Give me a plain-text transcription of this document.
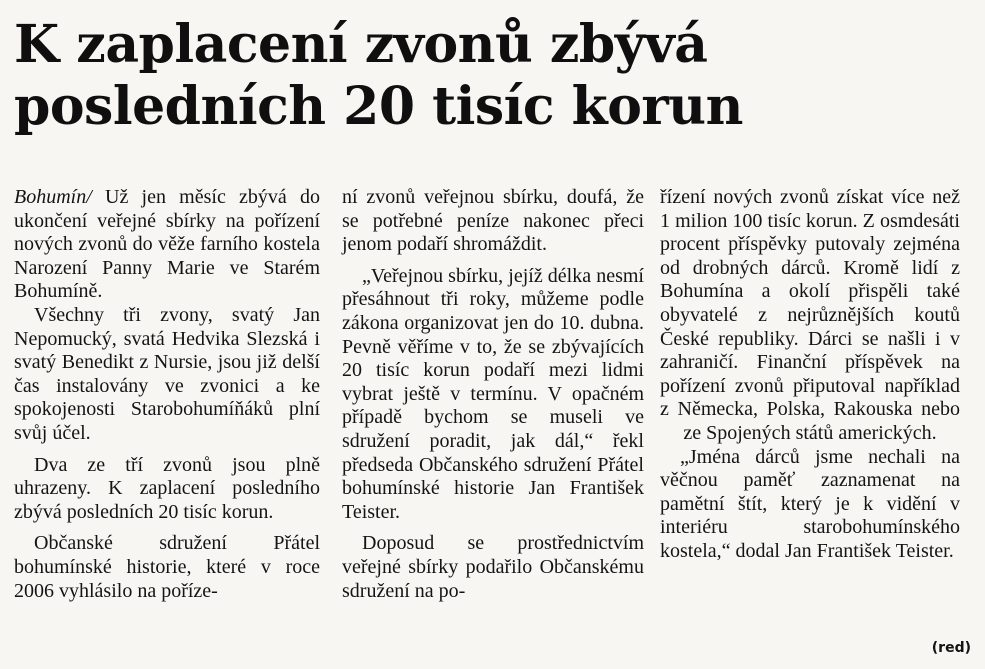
K zaplacení zvonů zbývá
posledních 20 tisíc korun

Bohumín/ Už jen měsíc zbývá do ukončení veřejné sbírky na pořízení nových zvonů do věže farního kostela Narození Panny Marie ve Starém Bohumíně.

Všechny tři zvony, svatý Jan Nepomucký, svatá Hedvika Slezská i svatý Benedikt z Nursie, jsou již delší čas instalovány ve zvonici a ke spokojenosti Starobohumíňáků plní svůj účel.

Dva ze tří zvonů jsou plně uhrazeny. K zaplacení posledního zbývá posledních 20 tisíc korun.

Občanské sdružení Přátel bohumínské historie, které v roce 2006 vyhlásilo na poříze-

ní zvonů veřejnou sbírku, doufá, že se potřebné peníze nakonec přeci jenom podaří shromáždit.

„Veřejnou sbírku, jejíž délka nesmí přesáhnout tři roky, můžeme podle zákona organizovat jen do 10. dubna. Pevně věříme v to, že se zbývajících 20 tisíc korun podaří mezi lidmi vybrat ještě v termínu. V opačném případě bychom se museli ve sdružení poradit, jak dál,“ řekl předseda Občanského sdružení Přátel bohumínské historie Jan František Teister.

Doposud se prostřednictvím veřejné sbírky podařilo Občanskému sdružení na po-

řízení nových zvonů získat více než 1 milion 100 tisíc korun. Z osmdesáti procent příspěvky putovaly zejména od drobných dárců. Kromě lidí z Bohumína a okolí přispěli také obyvatelé z nejrůznějších koutů České republiky. Dárci se našli i v zahraničí. Finanční příspěvek na pořízení zvonů připutoval například z Německa, Polska, Rakouska nebo ze Spojených států amerických.

„Jména dárců jsme nechali na věčnou paměť zaznamenat na pamětní štít, který je k vidění v interiéru starobohumínského kostela,“ dodal Jan František Teister.

(red)
